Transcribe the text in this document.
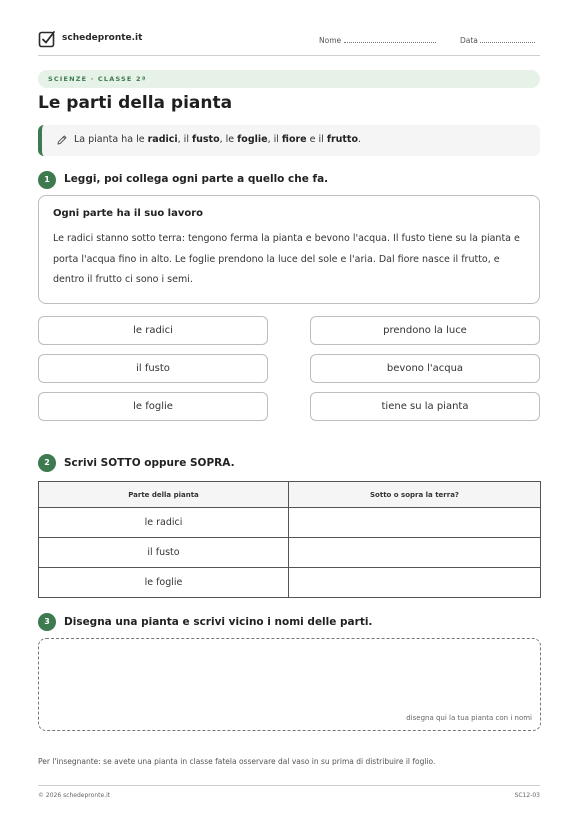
schedepronte.it	Nome	Data
SCIENZE · CLASSE 2ª
Le parti della pianta
La pianta ha le radici, il fusto, le foglie, il fiore e il frutto.
1	Leggi, poi collega ogni parte a quello che fa.
Ogni parte ha il suo lavoro
Le radici stanno sotto terra: tengono ferma la pianta e bevono l'acqua. Il fusto tiene su la pianta e porta l'acqua fino in alto. Le foglie prendono la luce del sole e l'aria. Dal fiore nasce il frutto, e dentro il frutto ci sono i semi.
le radici	prendono la luce
il fusto	bevono l'acqua
le foglie	tiene su la pianta
2	Scrivi SOTTO oppure SOPRA.
Parte della pianta	Sotto o sopra la terra?
le radici	
il fusto	
le foglie	
3	Disegna una pianta e scrivi vicino i nomi delle parti.
disegna qui la tua pianta con i nomi
Per l'insegnante: se avete una pianta in classe fatela osservare dal vaso in su prima di distribuire il foglio.
© 2026 schedepronte.it	SC12-03
